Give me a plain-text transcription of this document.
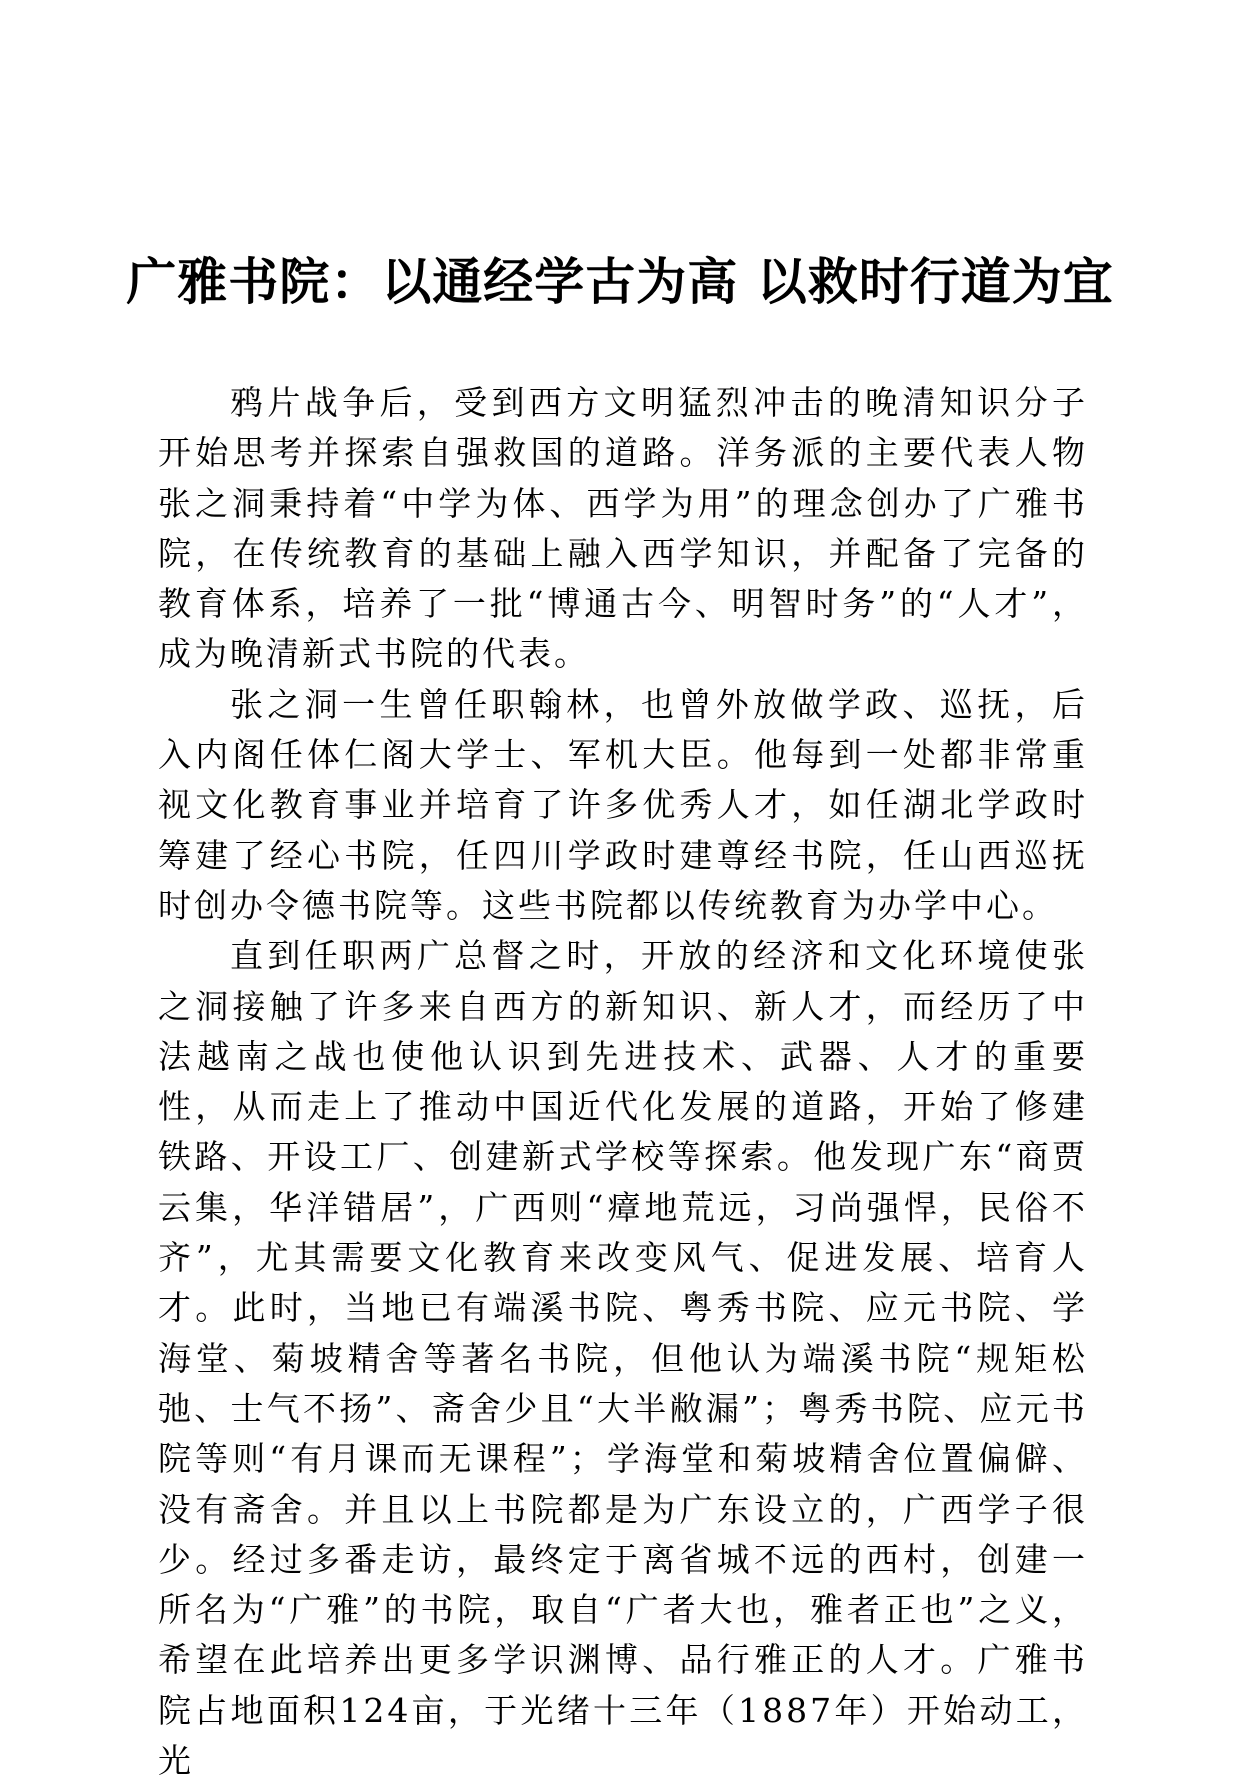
广雅书院：以通经学古为高 以救时行道为宜

鸦片战争后，受到西方文明猛烈冲击的晚清知识分子开始思考并探索自强救国的道路。洋务派的主要代表人物张之洞秉持着“中学为体、西学为用”的理念创办了广雅书院，在传统教育的基础上融入西学知识，并配备了完备的教育体系，培养了一批“博通古今、明智时务”的“人才”，成为晚清新式书院的代表。

张之洞一生曾任职翰林，也曾外放做学政、巡抚，后入内阁任体仁阁大学士、军机大臣。他每到一处都非常重视文化教育事业并培育了许多优秀人才，如任湖北学政时筹建了经心书院，任四川学政时建尊经书院，任山西巡抚时创办令德书院等。这些书院都以传统教育为办学中心。

直到任职两广总督之时，开放的经济和文化环境使张之洞接触了许多来自西方的新知识、新人才，而经历了中法越南之战也使他认识到先进技术、武器、人才的重要性，从而走上了推动中国近代化发展的道路，开始了修建铁路、开设工厂、创建新式学校等探索。他发现广东“商贾云集，华洋错居”，广西则“瘴地荒远，习尚强悍，民俗不齐”，尤其需要文化教育来改变风气、促进发展、培育人才。此时，当地已有端溪书院、粤秀书院、应元书院、学海堂、菊坡精舍等著名书院，但他认为端溪书院“规矩松弛、士气不扬”、斋舍少且“大半敝漏”；粤秀书院、应元书院等则“有月课而无课程”；学海堂和菊坡精舍位置偏僻、没有斋舍。并且以上书院都是为广东设立的，广西学子很少。经过多番走访，最终定于离省城不远的西村，创建一所名为“广雅”的书院，取自“广者大也，雅者正也”之义，希望在此培养出更多学识渊博、品行雅正的人才。广雅书院占地面积124亩，于光绪十三年（1887年）开始动工，光
